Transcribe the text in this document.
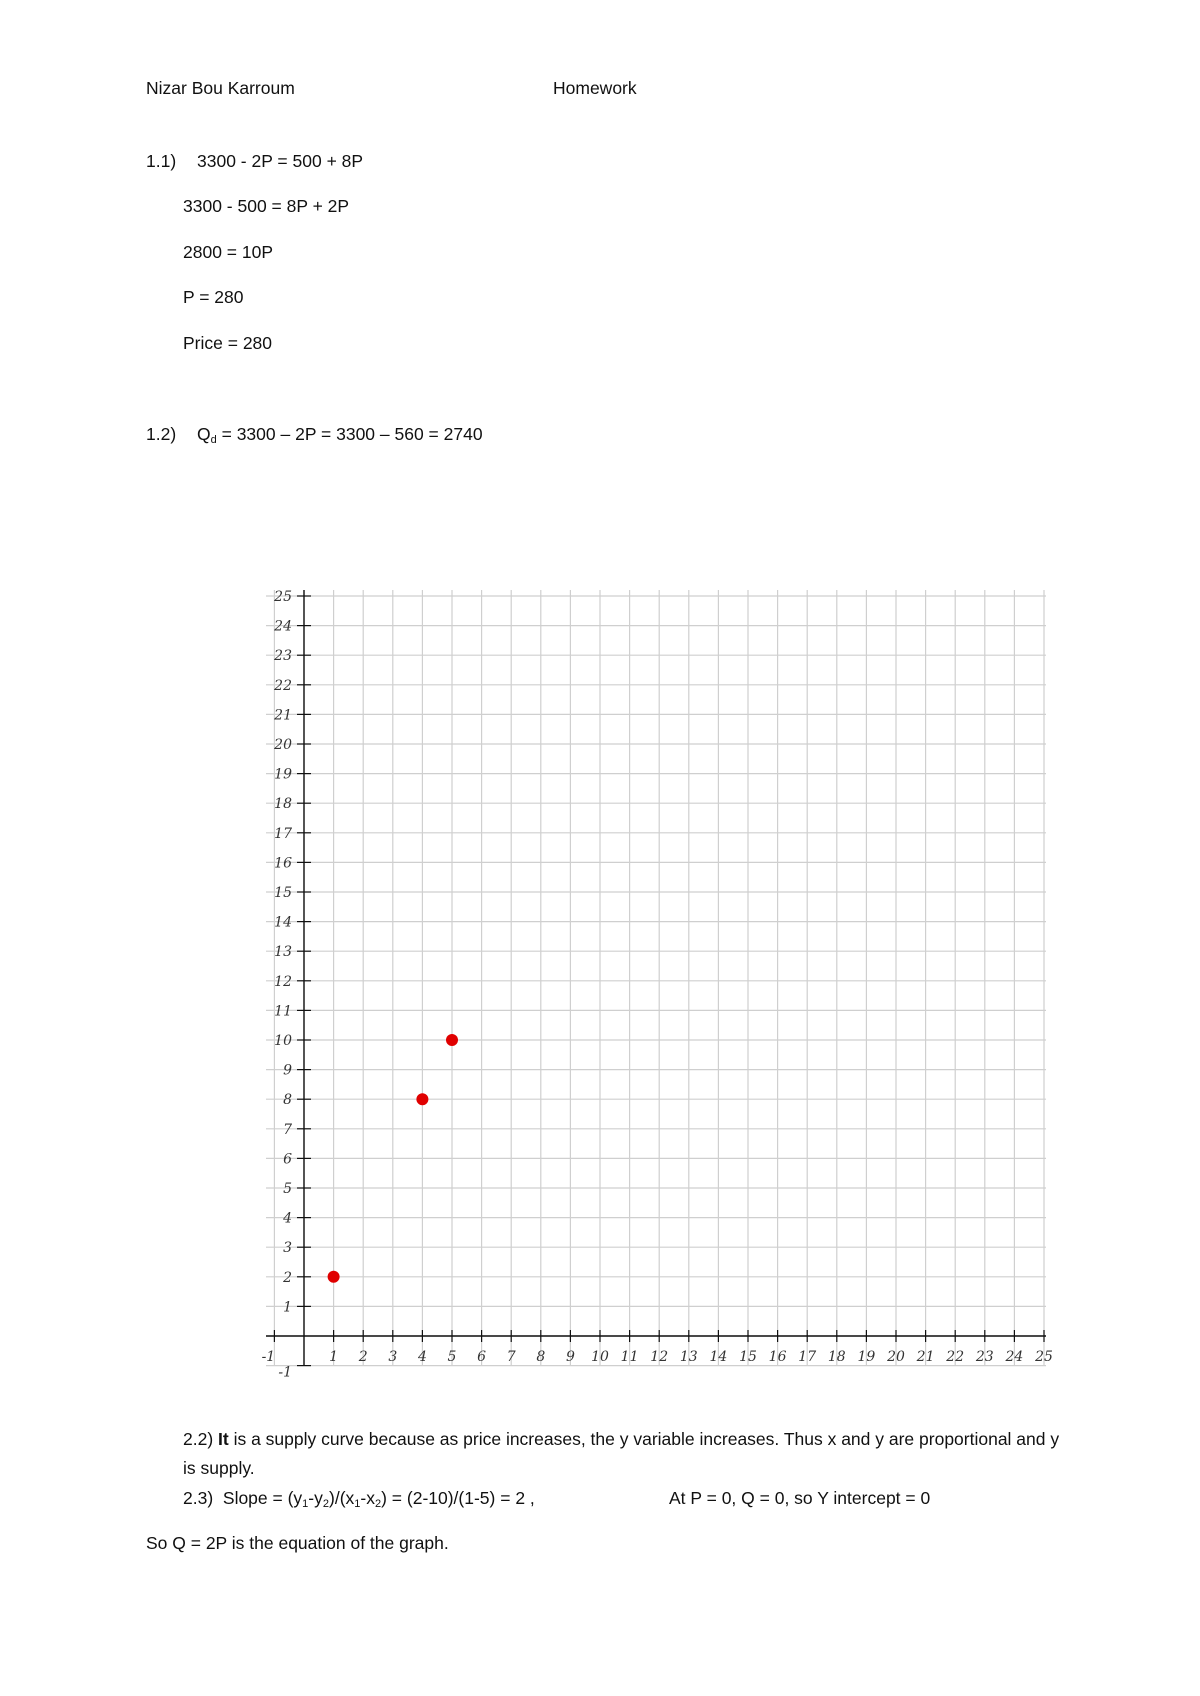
Nizar Bou Karroum	Homework
1.1) 3300 - 2P = 500 + 8P
3300 - 500 = 8P + 2P
2800 = 10P
P = 280
Price = 280
1.2) $Q_d = 3300 - 2P = 3300 - 560 = 2740$
-1	1 2 3 4 5 6 7 8 9 10 11 12 13 14 15 16 17 18 19 20 21 22 23 24 25
-1
1
2
3
4
5
6
7
8
9
10
11
12
13
14
15
16
17
18
19
20
21
22
23
24
25
2.2) It is a supply curve because as price increases, the y variable increases. Thus x and y are proportional and y is supply.
2.3) Slope = $(y_1-y_2)/(x_1-x_2) = (2-10)/(1-5) = 2$ ,	At P = 0, Q = 0, so Y intercept = 0
So Q = 2P is the equation of the graph.
